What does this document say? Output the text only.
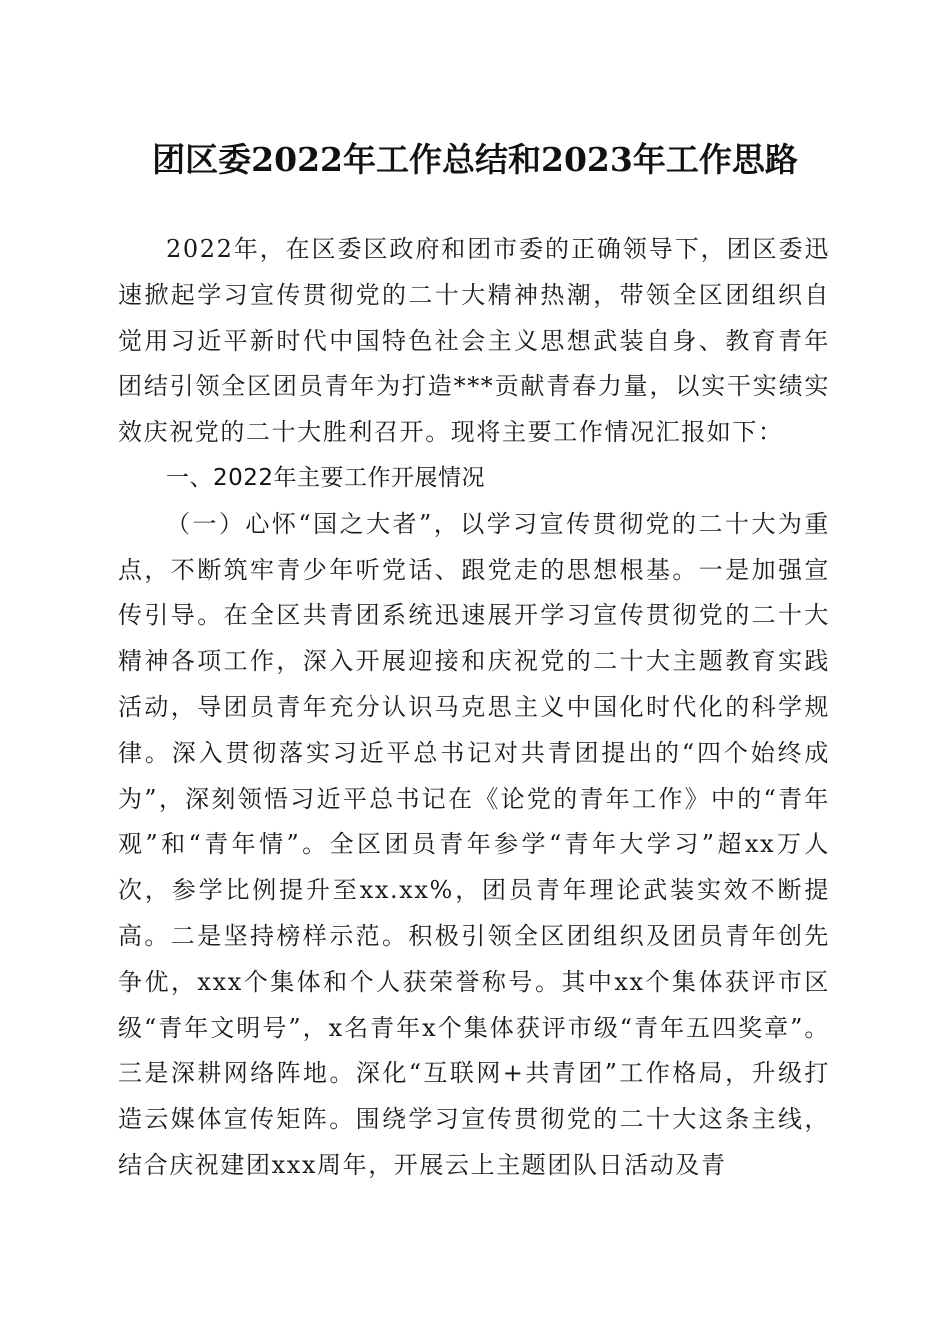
团区委2022年工作总结和2023年工作思路

2022年，在区委区政府和团市委的正确领导下，团区委迅速掀起学习宣传贯彻党的二十大精神热潮，带领全区团组织自觉用习近平新时代中国特色社会主义思想武装自身、教育青年团结引领全区团员青年为打造***贡献青春力量，以实干实绩实效庆祝党的二十大胜利召开。现将主要工作情况汇报如下：

一、2022年主要工作开展情况

（一）心怀“国之大者”，以学习宣传贯彻党的二十大为重点，不断筑牢青少年听党话、跟党走的思想根基。一是加强宣传引导。在全区共青团系统迅速展开学习宣传贯彻党的二十大精神各项工作，深入开展迎接和庆祝党的二十大主题教育实践活动，导团员青年充分认识马克思主义中国化时代化的科学规律。深入贯彻落实习近平总书记对共青团提出的“四个始终成为”，深刻领悟习近平总书记在《论党的青年工作》中的“青年观”和“青年情”。全区团员青年参学“青年大学习”超xx万人次，参学比例提升至xx.xx%，团员青年理论武装实效不断提高。二是坚持榜样示范。积极引领全区团组织及团员青年创先争优，xxx个集体和个人获荣誉称号。其中xx个集体获评市区级“青年文明号”，x名青年x个集体获评市级“青年五四奖章”。三是深耕网络阵地。深化“互联网+共青团”工作格局，升级打造云媒体宣传矩阵。围绕学习宣传贯彻党的二十大这条主线，结合庆祝建团xxx周年，开展云上主题团队日活动及青
